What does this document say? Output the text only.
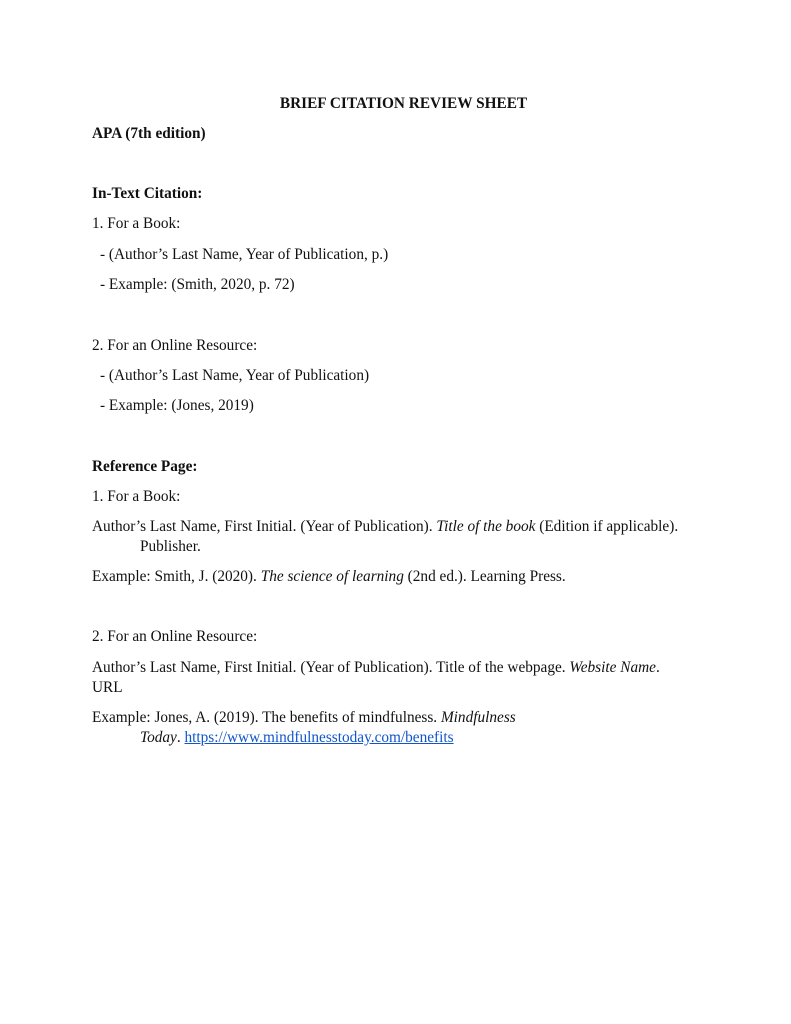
BRIEF CITATION REVIEW SHEET
APA (7th edition)
In-Text Citation:
1. For a Book:
- (Author’s Last Name, Year of Publication, p.)
- Example: (Smith, 2020, p. 72)
2. For an Online Resource:
- (Author’s Last Name, Year of Publication)
- Example: (Jones, 2019)
Reference Page:
1. For a Book:
Author’s Last Name, First Initial. (Year of Publication). Title of the book (Edition if applicable).
Publisher.
Example: Smith, J. (2020). The science of learning (2nd ed.). Learning Press.
2. For an Online Resource:
Author’s Last Name, First Initial. (Year of Publication). Title of the webpage. Website Name.
URL
Example: Jones, A. (2019). The benefits of mindfulness. Mindfulness
Today. https://www.mindfulnesstoday.com/benefits
